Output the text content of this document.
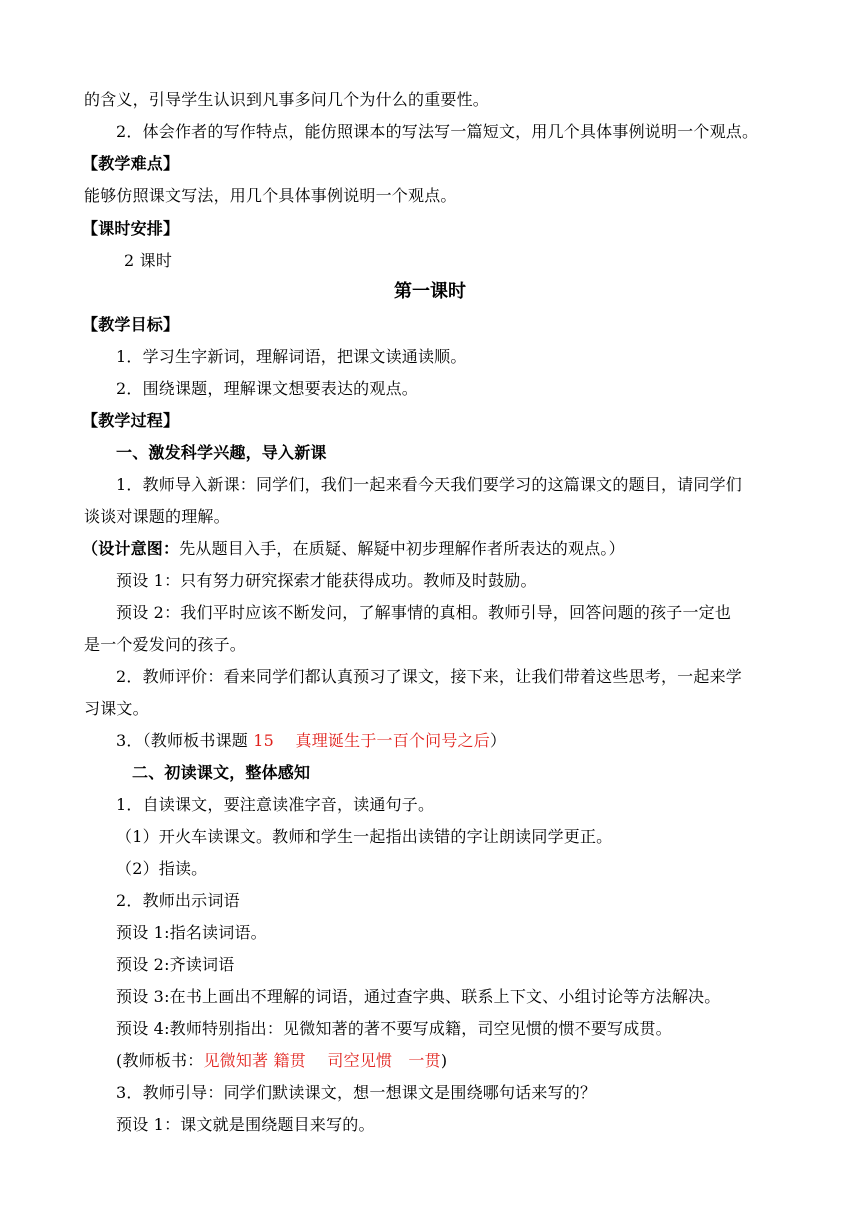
的含义，引导学生认识到凡事多问几个为什么的重要性。
2．体会作者的写作特点，能仿照课本的写法写一篇短文，用几个具体事例说明一个观点。
【教学难点】
能够仿照课文写法，用几个具体事例说明一个观点。
【课时安排】
2 课时
第一课时
【教学目标】
1．学习生字新词，理解词语，把课文读通读顺。
2．围绕课题，理解课文想要表达的观点。
【教学过程】
一、激发科学兴趣，导入新课
1．教师导入新课：同学们，我们一起来看今天我们要学习的这篇课文的题目，请同学们
谈谈对课题的理解。
（设计意图：先从题目入手，在质疑、解疑中初步理解作者所表达的观点。）
预设 1：只有努力研究探索才能获得成功。教师及时鼓励。
预设 2：我们平时应该不断发问，了解事情的真相。教师引导，回答问题的孩子一定也
是一个爱发问的孩子。
2．教师评价：看来同学们都认真预习了课文，接下来，让我们带着这些思考，一起来学
习课文。
3．（教师板书课题 15　 真理诞生于一百个问号之后）
二、初读课文，整体感知
1．自读课文，要注意读准字音，读通句子。
（1）开火车读课文。教师和学生一起指出读错的字让朗读同学更正。
（2）指读。
2．教师出示词语
预设 1:指名读词语。
预设 2:齐读词语
预设 3:在书上画出不理解的词语，通过查字典、联系上下文、小组讨论等方法解决。
预设 4:教师特别指出：见微知著的著不要写成籍，司空见惯的惯不要写成贯。
(教师板书：见微知著 籍贯　 司空见惯　一贯)
3．教师引导：同学们默读课文，想一想课文是围绕哪句话来写的？
预设 1：课文就是围绕题目来写的。
